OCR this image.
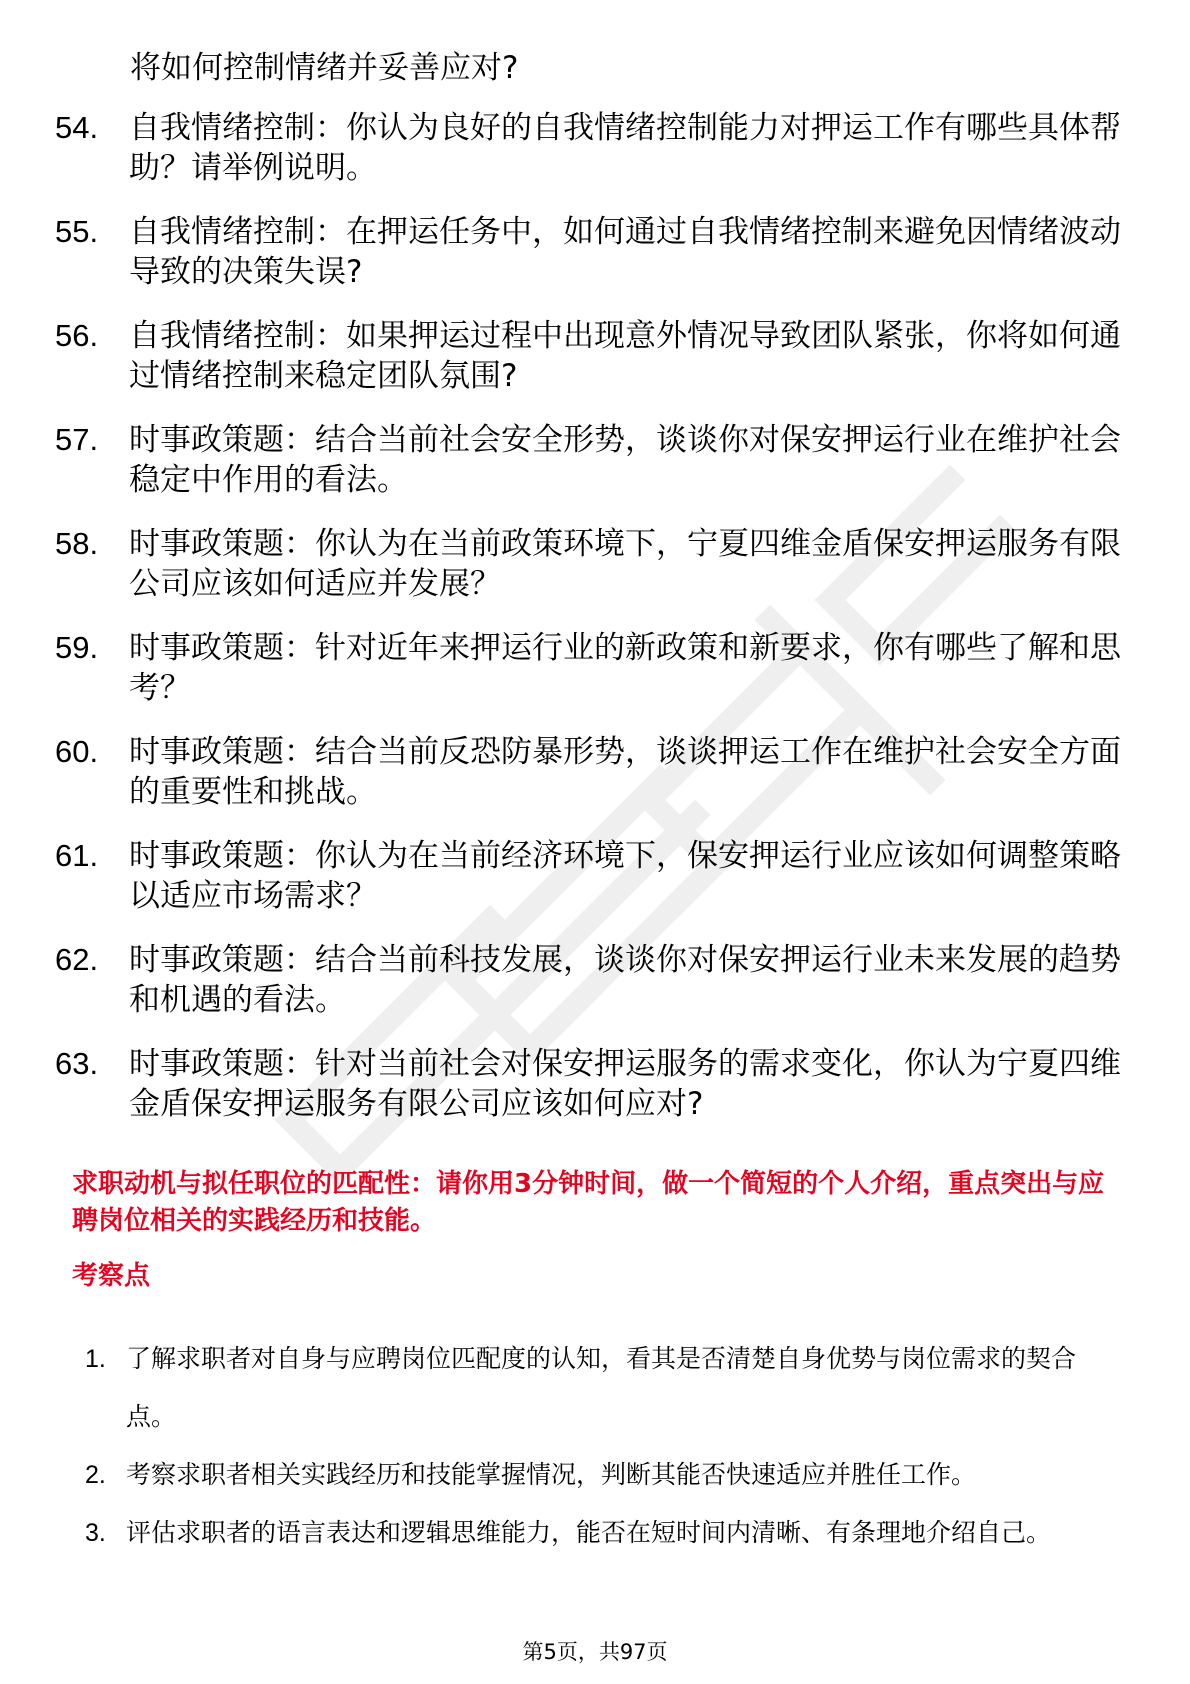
将如何控制情绪并妥善应对?
54. 自我情绪控制：你认为良好的自我情绪控制能力对押运工作有哪些具体帮助？请举例说明。
55. 自我情绪控制：在押运任务中，如何通过自我情绪控制来避免因情绪波动导致的决策失误?
56. 自我情绪控制：如果押运过程中出现意外情况导致团队紧张，你将如何通过情绪控制来稳定团队氛围?
57. 时事政策题：结合当前社会安全形势，谈谈你对保安押运行业在维护社会稳定中作用的看法。
58. 时事政策题：你认为在当前政策环境下，宁夏四维金盾保安押运服务有限公司应该如何适应并发展？
59. 时事政策题：针对近年来押运行业的新政策和新要求，你有哪些了解和思考？
60. 时事政策题：结合当前反恐防暴形势，谈谈押运工作在维护社会安全方面的重要性和挑战。
61. 时事政策题：你认为在当前经济环境下，保安押运行业应该如何调整策略以适应市场需求？
62. 时事政策题：结合当前科技发展，谈谈你对保安押运行业未来发展的趋势和机遇的看法。
63. 时事政策题：针对当前社会对保安押运服务的需求变化，你认为宁夏四维金盾保安押运服务有限公司应该如何应对?
求职动机与拟任职位的匹配性：请你用3分钟时间，做一个简短的个人介绍，重点突出与应聘岗位相关的实践经历和技能。
考察点
1. 了解求职者对自身与应聘岗位匹配度的认知，看其是否清楚自身优势与岗位需求的契合点。
2. 考察求职者相关实践经历和技能掌握情况，判断其能否快速适应并胜任工作。
3. 评估求职者的语言表达和逻辑思维能力，能否在短时间内清晰、有条理地介绍自己。
第5页，共97页
